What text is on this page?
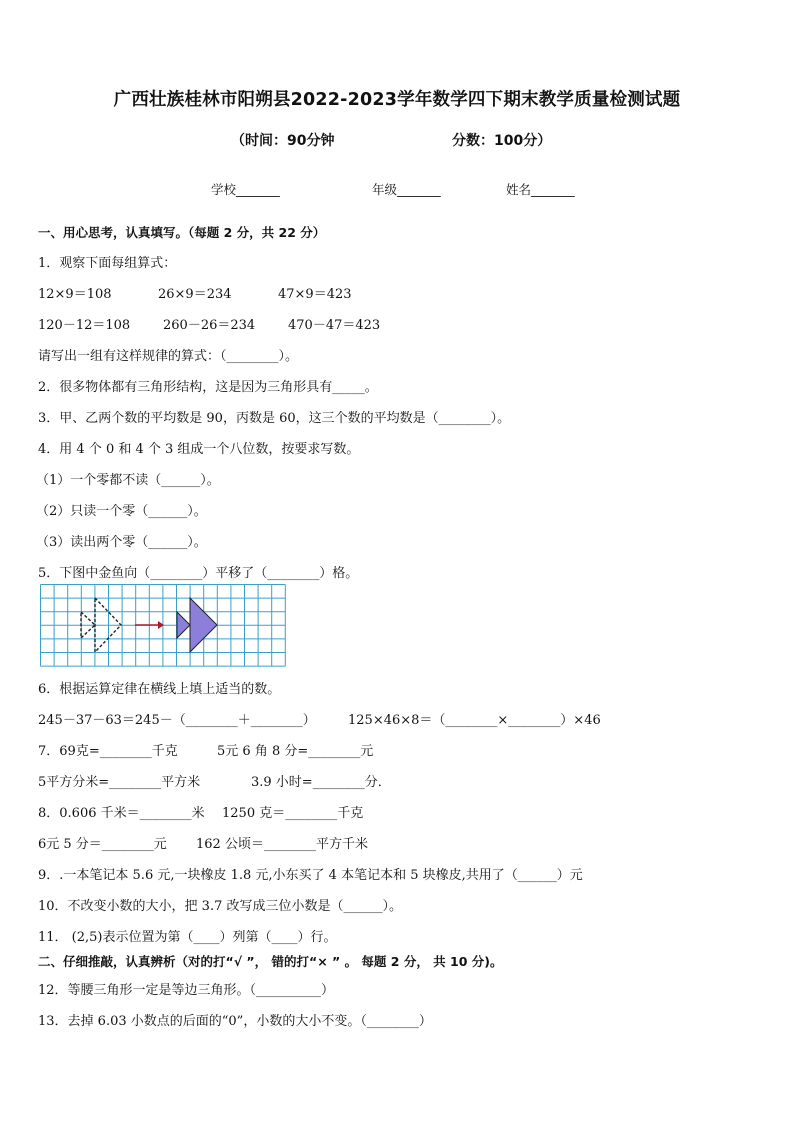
广西壮族桂林市阳朔县2022-2023学年数学四下期末教学质量检测试题
（时间：90分钟	分数：100分）
学校_______	年级_______	姓名_______
一、用心思考，认真填写。（每题 2 分，共 22 分）
1．观察下面每组算式：
12×9＝108	26×9＝234	47×9＝423
120－12＝108	260－26＝234	470－47＝423
请写出一组有这样规律的算式：（________）。
2．很多物体都有三角形结构，这是因为三角形具有_____。
3．甲、乙两个数的平均数是 90，丙数是 60，这三个数的平均数是（________）。
4．用 4 个 0 和 4 个 3 组成一个八位数，按要求写数。
（1）一个零都不读（______）。
（2）只读一个零（______）。
（3）读出两个零（______）。
5．下图中金鱼向（________）平移了（________）格。
6．根据运算定律在横线上填上适当的数。
245－37－63＝245－（________＋________） 125×46×8＝（________×________）×46
7．69克=________千克	5元 6 角 8 分=________元
5平方分米=________平方米	3.9 小时=________分．
8．0.606 千米＝________米 1250 克＝________千克
6元 5 分＝________元 162 公顷＝________平方千米
9．.一本笔记本 5.6 元,一块橡皮 1.8 元,小东买了 4 本笔记本和 5 块橡皮,共用了（______）元
10．不改变小数的大小，把 3.7 改写成三位小数是（______）。
11． (2,5)表示位置为第（____）列第（____）行。
二、仔细推敲，认真辨析（对的打“√ ”， 错的打“× ” 。 每题 2 分， 共 10 分)。
12．等腰三角形一定是等边三角形。（__________）
13．去掉 6.03 小数点的后面的“0”，小数的大小不变。（________）
